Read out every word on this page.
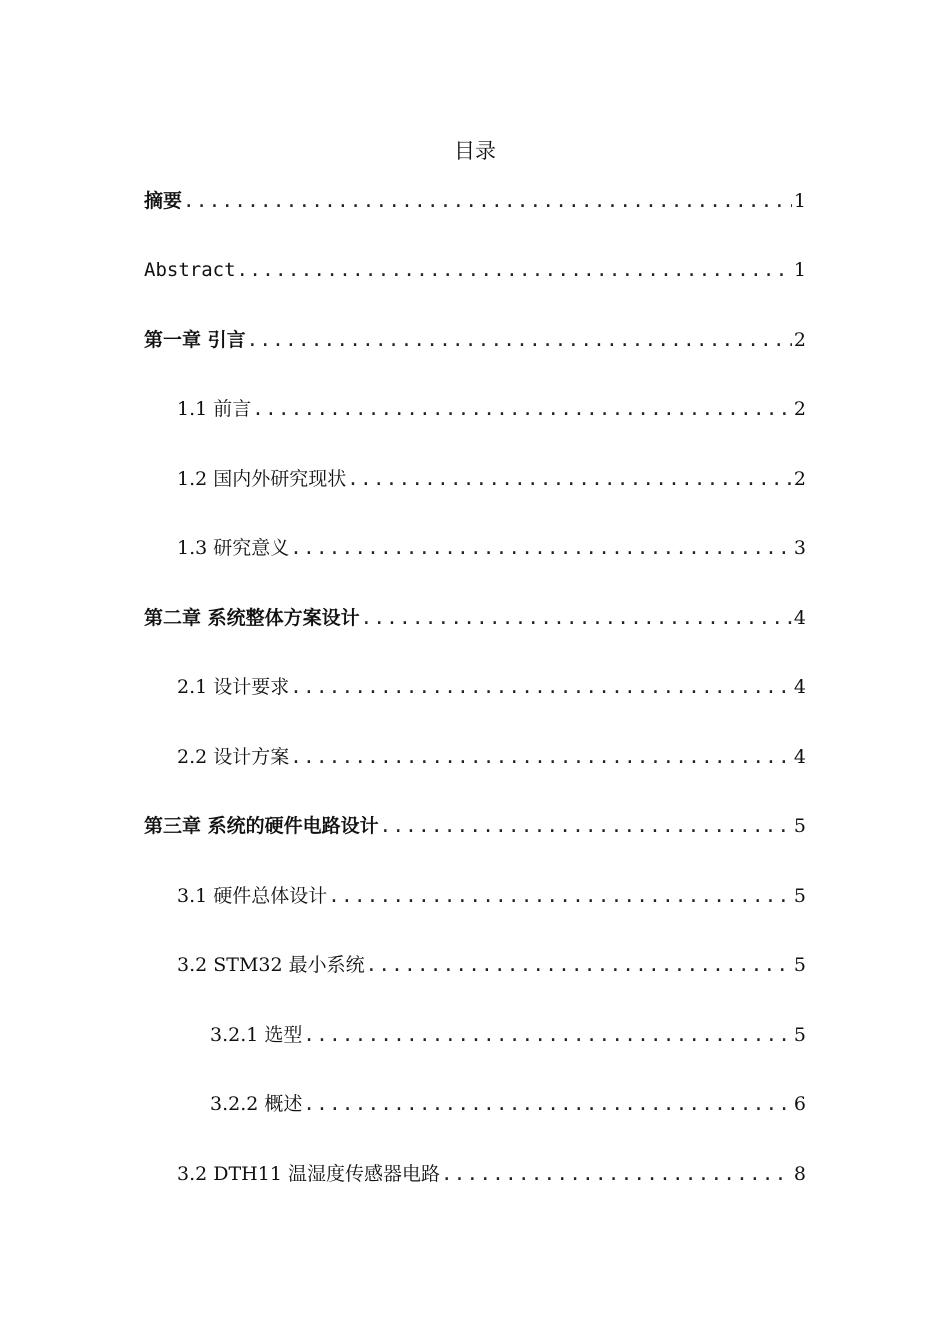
目录
摘要 .....	1
Abstract .....	1
第一章 引言 .....	2
1.1 前言 .....	2
1.2 国内外研究现状 .....	2
1.3 研究意义 .....	3
第二章 系统整体方案设计 .....	4
2.1 设计要求 .....	4
2.2 设计方案 .....	4
第三章 系统的硬件电路设计 .....	5
3.1 硬件总体设计 .....	5
3.2 STM32 最小系统 .....	5
3.2.1 选型 .....	5
3.2.2 概述 .....	6
3.2 DTH11 温湿度传感器电路 .....	8
